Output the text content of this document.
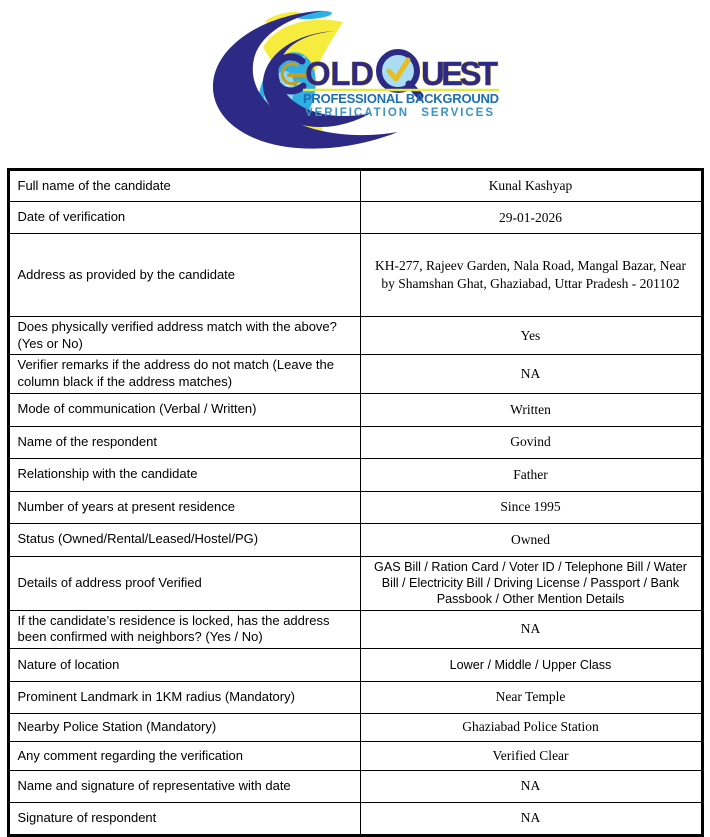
OLD UEST
PROFESSIONAL BACKGROUND
VERIFICATION SERVICES
Full name of the candidate	Kunal Kashyap
Date of verification	29-01-2026
Address as provided by the candidate	KH-277, Rajeev Garden, Nala Road, Mangal Bazar, Near by Shamshan Ghat, Ghaziabad, Uttar Pradesh - 201102
Does physically verified address match with the above? (Yes or No)	Yes
Verifier remarks if the address do not match (Leave the column black if the address matches)	NA
Mode of communication (Verbal / Written)	Written
Name of the respondent	Govind
Relationship with the candidate	Father
Number of years at present residence	Since 1995
Status (Owned/Rental/Leased/Hostel/PG)	Owned
Details of address proof Verified	GAS Bill / Ration Card / Voter ID / Telephone Bill / Water Bill / Electricity Bill / Driving License / Passport / Bank Passbook / Other Mention Details
If the candidate’s residence is locked, has the address been confirmed with neighbors? (Yes / No)	NA
Nature of location	Lower / Middle / Upper Class
Prominent Landmark in 1KM radius (Mandatory)	Near Temple
Nearby Police Station (Mandatory)	Ghaziabad Police Station
Any comment regarding the verification	Verified Clear
Name and signature of representative with date	NA
Signature of respondent	NA
